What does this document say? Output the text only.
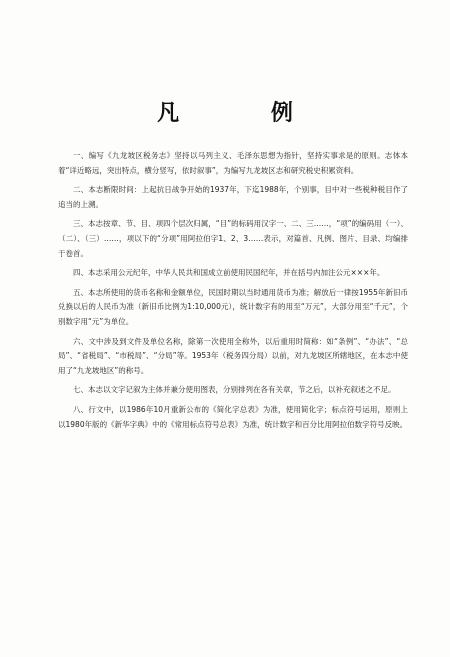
凡 例

一、编写《九龙坡区税务志》坚持以马列主义、毛泽东思想为指针，坚持实事求是的原则。志体本着“详近略远，突出特点，横分竖写，依时叙事”，为编写九龙坡区志和研究税史积累资料。

二、本志断限时间：上起抗日战争开始的1937年，下迄1988年，个别事，目中对一些税种税目作了追当的上溯。

三、本志按章、节、目、项四个层次归属，“目”的标码用汉字一、二、三……，“项”的编码用（一）、（二）、（三）……，项以下的“分项”用阿拉伯字1、2、3……表示，对篇首、凡例、图片、目录、均编排于卷首。

四、本志采用公元纪年，中华人民共和国成立前使用民国纪年，并在括号内加注公元×××年。

五、本志所使用的货币名称和金额单位，民国时期以当时通用货币为准；解放后一律按1955年新旧币兑换以后的人民币为准（新旧币比例为1:10,000元），统计数字有的用至“万元”，大部分用至“千元”，个别数字用“元”为单位。

六、文中涉及到文件及单位名称，除第一次使用全称外，以后重用时简称：如“条例”、“办法”、“总局”、“省税局”、“市税局”、“分局”等。1953年（税务四分局）以前，对九龙坡区所辖地区，在本志中使用了“九龙坡地区”的称号。

七、本志以文字记叙为主体并兼分使用图表，分别排列在各有关章，节之后，以补充叙述之不足。

八、行文中，以1986年10月重新公布的《简化字总表》为准，使用简化字；标点符号运用，原则上以1980年版的《新华字典》中的《常用标点符号总表》为准，统计数字和百分比用阿拉伯数字符号反映。
